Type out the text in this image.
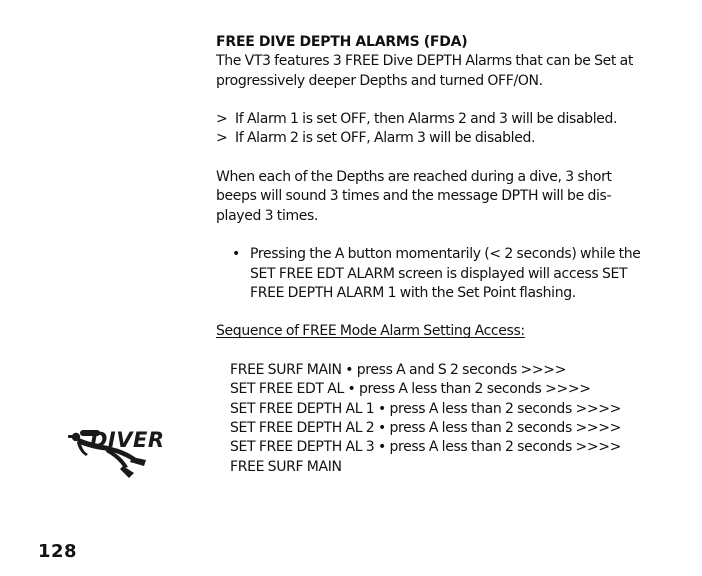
FREE DIVE DEPTH ALARMS (FDA)

The VT3 features 3 FREE Dive DEPTH Alarms that can be Set at

progressively deeper Depths and turned OFF/ON.

> If Alarm 1 is set OFF, then Alarms 2 and 3 will be disabled.
> If Alarm 2 is set OFF, Alarm 3 will be disabled.

When each of the Depths are reached during a dive, 3 short

beeps will sound 3 times and the message DPTH will be dis-

played 3 times.

• Pressing the A button momentarily (< 2 seconds) while the

SET FREE EDT ALARM screen is displayed will access SET

FREE DEPTH ALARM 1 with the Set Point flashing.

Sequence of FREE Mode Alarm Setting Access:

FREE SURF MAIN • press A and S 2 seconds >>>>

SET FREE EDT AL • press A less than 2 seconds >>>>

SET FREE DEPTH AL 1 • press A less than 2 seconds >>>>

SET FREE DEPTH AL 2 • press A less than 2 seconds >>>>

SET FREE DEPTH AL 3 • press A less than 2 seconds >>>>

FREE SURF MAIN

DIVER
128
